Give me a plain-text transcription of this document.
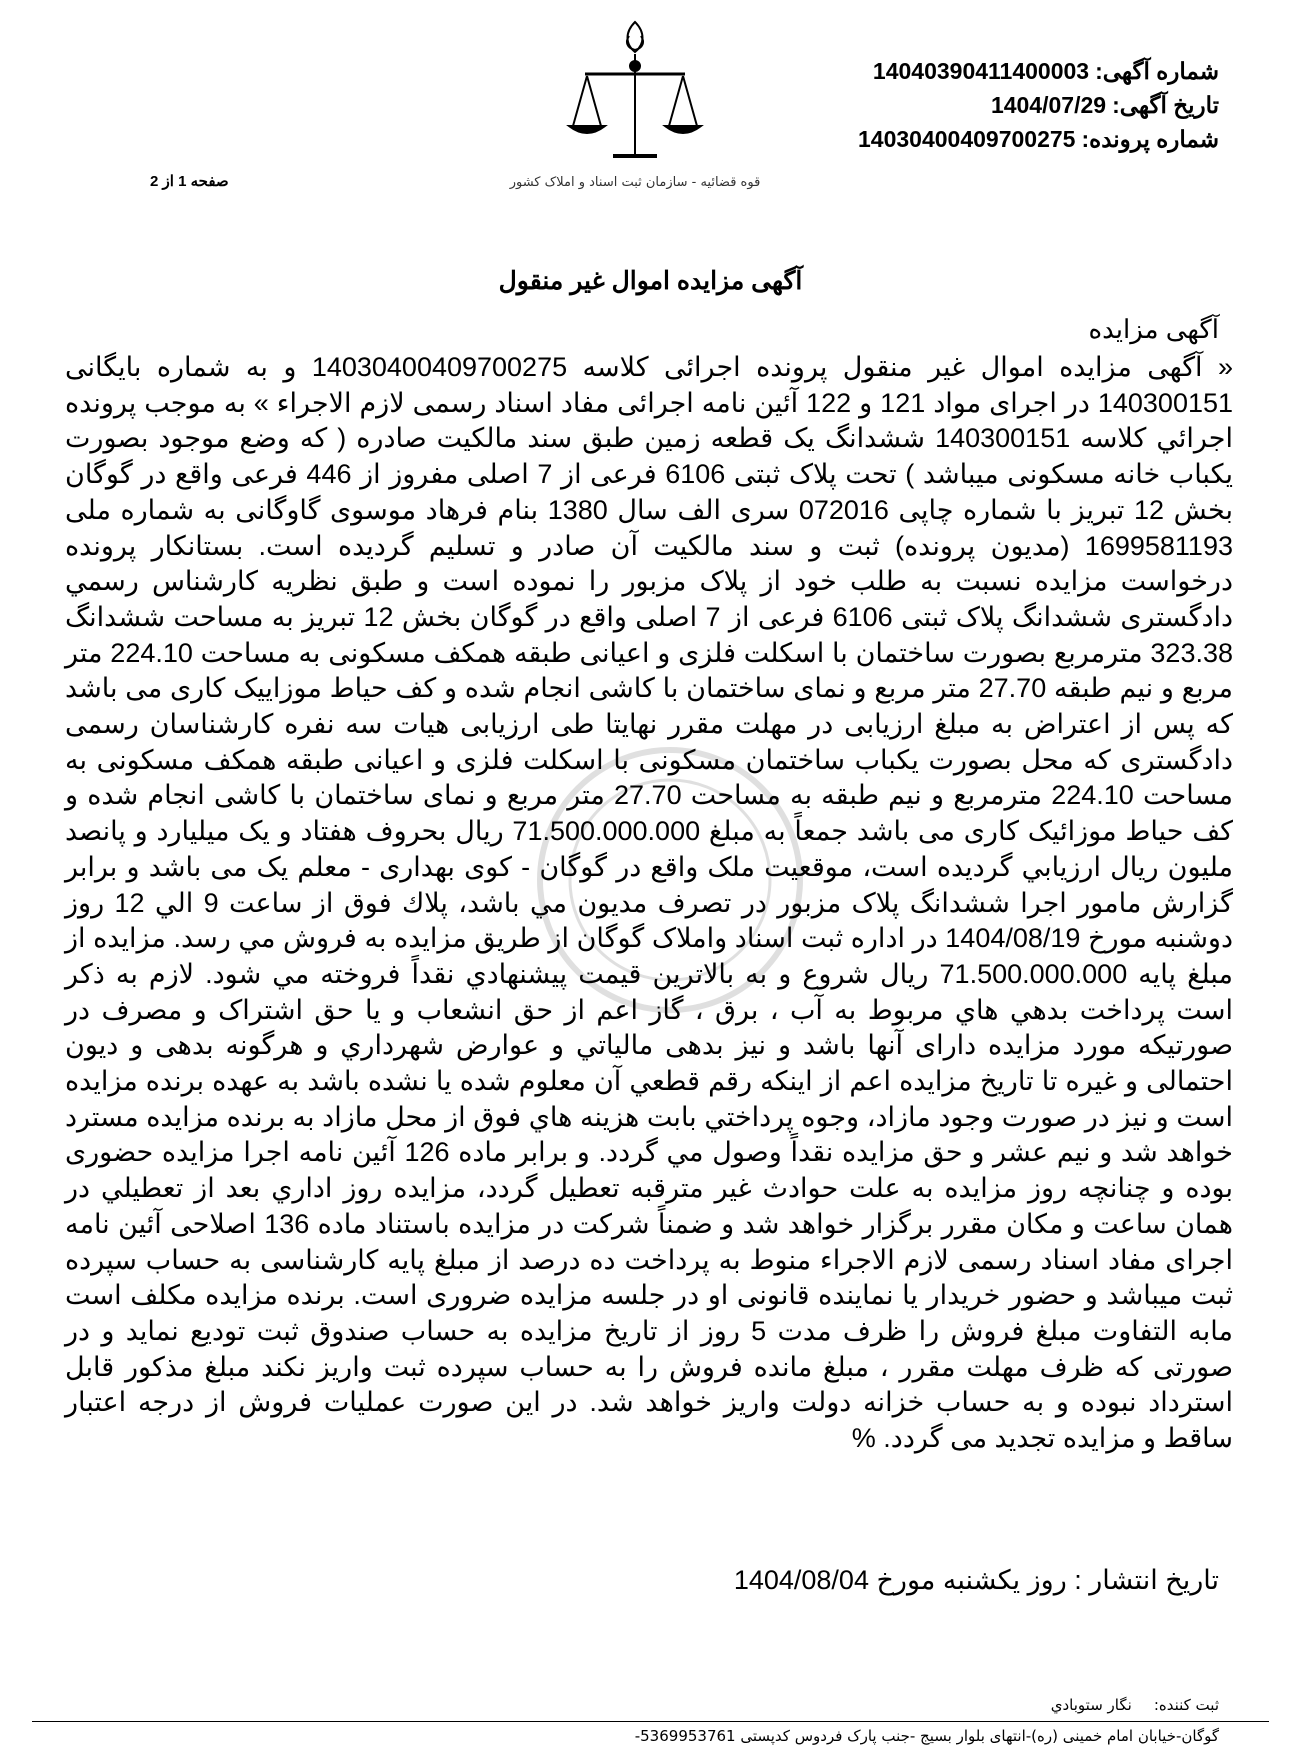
شماره آگهی:14040390411400003
تاریخ آگهی:1404/07/29
شماره پرونده:14030400409700275
صفحه 1 از 2	قوه قضائیه - سازمان ثبت اسناد و املاک کشور
آگهی مزایده اموال غیر منقول
آگهی مزایده
« آگهی مزایده اموال غیر منقول پرونده اجرائی کلاسه 14030400409700275 و به شماره بایگانی 140300151 در اجرای مواد 121 و 122 آئین نامه اجرائی مفاد اسناد رسمی لازم الاجراء » به موجب پرونده اجرائي كلاسه 140300151 ششدانگ یک قطعه زمین طبق سند مالکیت صادره ( که وضع موجود بصورت یکباب خانه مسکونی میباشد ) تحت پلاک ثبتی 6106 فرعی از 7 اصلی مفروز از 446 فرعی واقع در گوگان بخش 12 تبریز با شماره چاپی 072016 سری الف سال 1380 بنام فرهاد موسوی گاوگانی به شماره ملی 1699581193 (مدیون پرونده) ثبت و سند مالکیت آن صادر و تسلیم گردیده است. بستانکار پرونده درخواست مزایده نسبت به طلب خود از پلاک مزبور را نموده است و طبق نظریه کارشناس رسمي دادگستری ششدانگ پلاک ثبتی 6106 فرعی از 7 اصلی واقع در گوگان بخش 12 تبریز به مساحت ششدانگ 323.38 مترمربع بصورت ساختمان با اسکلت فلزی و اعیانی طبقه همکف مسکونی به مساحت 224.10 متر مربع و نیم طبقه 27.70 متر مربع و نمای ساختمان با کاشی انجام شده و کف حیاط موزاییک کاری می باشد که پس از اعتراض به مبلغ ارزیابی در مهلت مقرر نهایتا طی ارزیابی هیات سه نفره کارشناسان رسمی دادگستری که محل بصورت یکباب ساختمان مسکونی با اسکلت فلزی و اعیانی طبقه همکف مسکونی به مساحت 224.10 مترمربع و نیم طبقه به مساحت 27.70 متر مربع و نمای ساختمان با کاشی انجام شده و کف حیاط موزائیک کاری می باشد جمعاً به مبلغ 71.500.000.000 ریال بحروف هفتاد و یک میلیارد و پانصد ملیون ریال ارزیابي گردیده است، موقعیت ملک واقع در گوگان - کوی بهداری - معلم یک می باشد و برابر گزارش مامور اجرا ششدانگ پلاک مزبور در تصرف مدیون مي باشد، پلاك فوق از ساعت 9 الي 12 روز دوشنبه مورخ 1404/08/19 در اداره ثبت اسناد واملاک گوگان از طريق مزايده به فروش مي رسد. مزایده از مبلغ پایه 71.500.000.000 ریال شروع و به بالاترین قیمت پیشنهادي نقداً فروخته مي شود. لازم به ذکر است پرداخت بدهي هاي مربوط به آب ، برق ، گاز اعم از حق انشعاب و یا حق اشتراک و مصرف در صورتیکه مورد مزایده دارای آنها باشد و نیز بدهی مالیاتي و عوارض شهرداري و هرگونه بدهی و دیون احتمالی و غیره تا تاریخ مزایده اعم از اینکه رقم قطعي آن معلوم شده یا نشده باشد به عهده برنده مزایده است و نیز در صورت وجود مازاد، وجوه پرداختي بابت هزينه هاي فوق از محل مازاد به برنده مزایده مسترد خواهد شد و نیم عشر و حق مزایده نقداً وصول مي گردد. و برابر ماده 126 آئین نامه اجرا مزایده حضوری بوده و چنانچه روز مزایده به علت حوادث غیر مترقبه تعطیل گردد، مزایده روز اداري بعد از تعطیلي در همان ساعت و مکان مقرر برگزار خواهد شد و ضمناً شرکت در مزایده باستناد ماده 136 اصلاحی آئین نامه اجرای مفاد اسناد رسمی لازم الاجراء منوط به پرداخت ده درصد از مبلغ پایه کارشناسی به حساب سپرده ثبت میباشد و حضور خریدار یا نماینده قانونی او در جلسه مزایده ضروری است. برنده مزایده مکلف است مابه التفاوت مبلغ فروش را ظرف مدت 5 روز از تاریخ مزایده به حساب صندوق ثبت تودیع نماید و در صورتی که ظرف مهلت مقرر ، مبلغ مانده فروش را به حساب سپرده ثبت واریز نکند مبلغ مذکور قابل استرداد نبوده و به حساب خزانه دولت واریز خواهد شد. در این صورت عملیات فروش از درجه اعتبار ساقط و مزایده تجدید می گردد. %
تاریخ انتشار : روز یکشنبه مورخ 1404/08/04
ثبت کننده:نگار ستوبادي
گوگان-خیابان امام خمینی (ره)-انتهای بلوار بسیج -جنب پارک فردوس کدپستی 5369953761-
